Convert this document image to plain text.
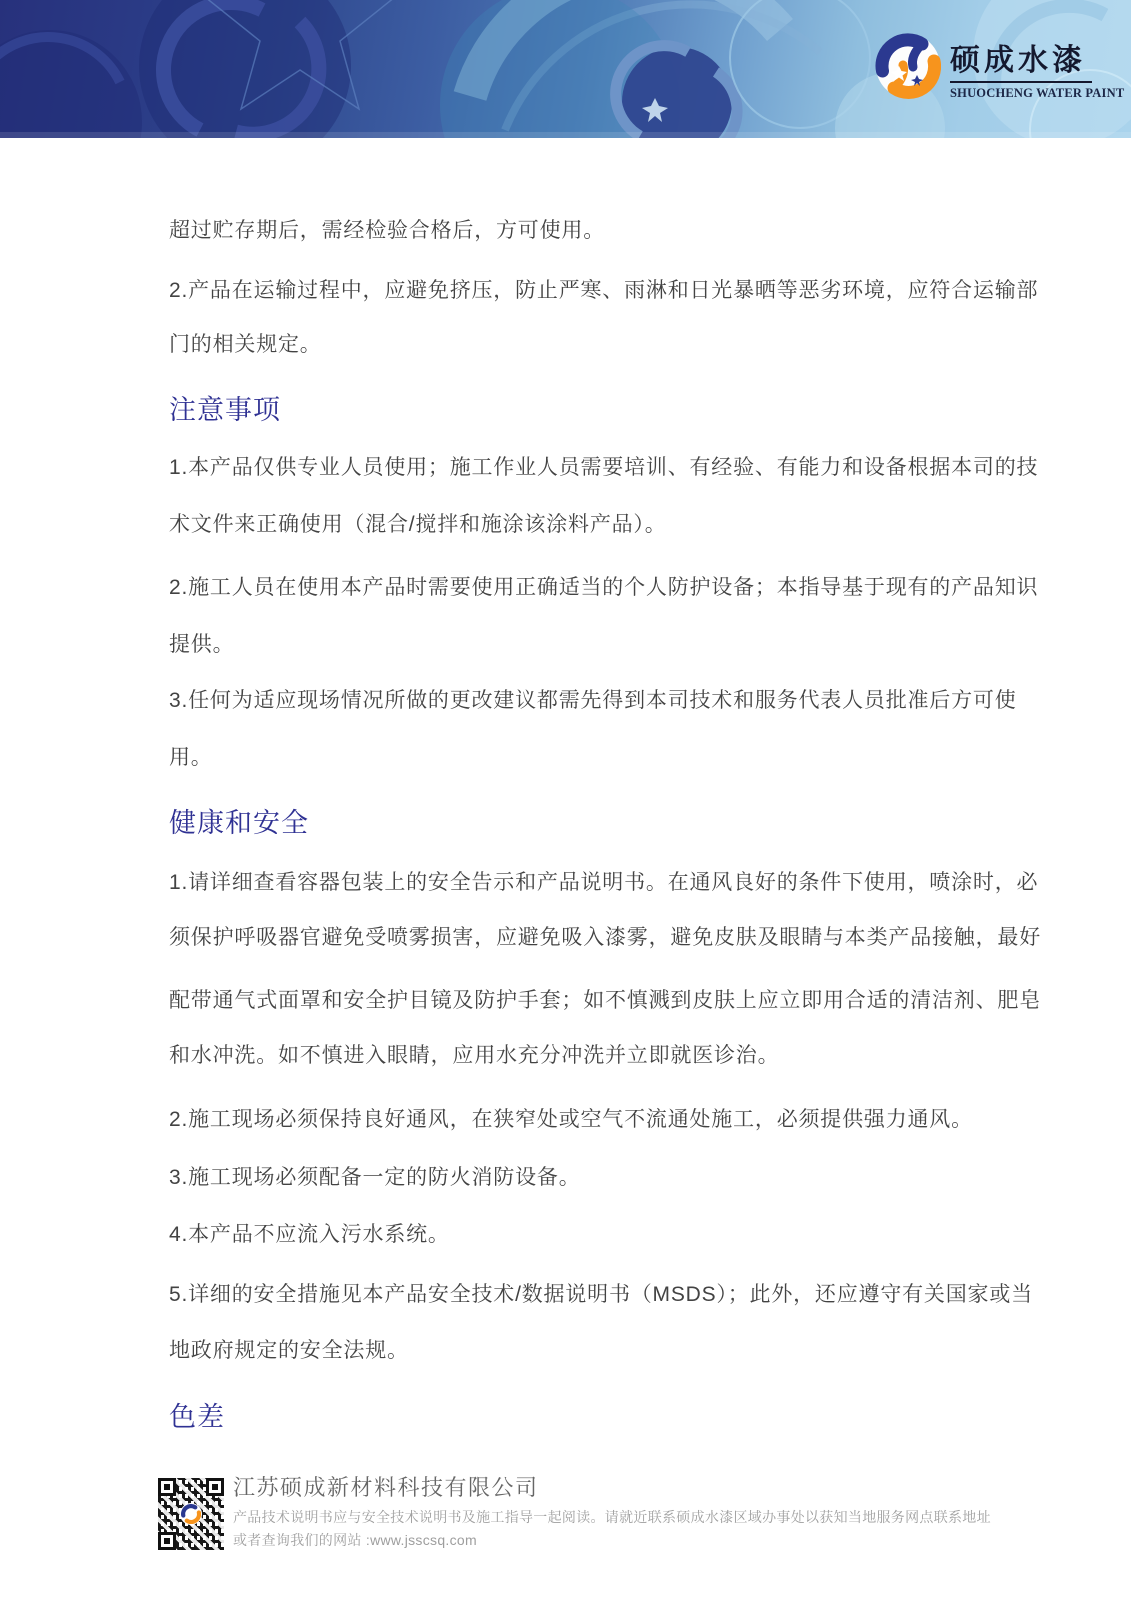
硕成水漆
SHUOCHENG WATER PAINT
超过贮存期后，需经检验合格后，方可使用。
2.产品在运输过程中，应避免挤压，防止严寒、雨淋和日光暴晒等恶劣环境，应符合运输部
门的相关规定。
注意事项
1.本产品仅供专业人员使用；施工作业人员需要培训、有经验、有能力和设备根据本司的技
术文件来正确使用（混合/搅拌和施涂该涂料产品）。
2.施工人员在使用本产品时需要使用正确适当的个人防护设备；本指导基于现有的产品知识
提供。
3.任何为适应现场情况所做的更改建议都需先得到本司技术和服务代表人员批准后方可使
用。
健康和安全
1.请详细查看容器包装上的安全告示和产品说明书。在通风良好的条件下使用，喷涂时，必
须保护呼吸器官避免受喷雾损害，应避免吸入漆雾，避免皮肤及眼睛与本类产品接触，最好
配带通气式面罩和安全护目镜及防护手套；如不慎溅到皮肤上应立即用合适的清洁剂、肥皂
和水冲洗。如不慎进入眼睛，应用水充分冲洗并立即就医诊治。
2.施工现场必须保持良好通风，在狭窄处或空气不流通处施工，必须提供强力通风。
3.施工现场必须配备一定的防火消防设备。
4.本产品不应流入污水系统。
5.详细的安全措施见本产品安全技术/数据说明书（MSDS）；此外，还应遵守有关国家或当
地政府规定的安全法规。
色差
江苏硕成新材料科技有限公司
产品技术说明书应与安全技术说明书及施工指导一起阅读。请就近联系硕成水漆区域办事处以获知当地服务网点联系地址
或者查询我们的网站 :www.jsscsq.com
